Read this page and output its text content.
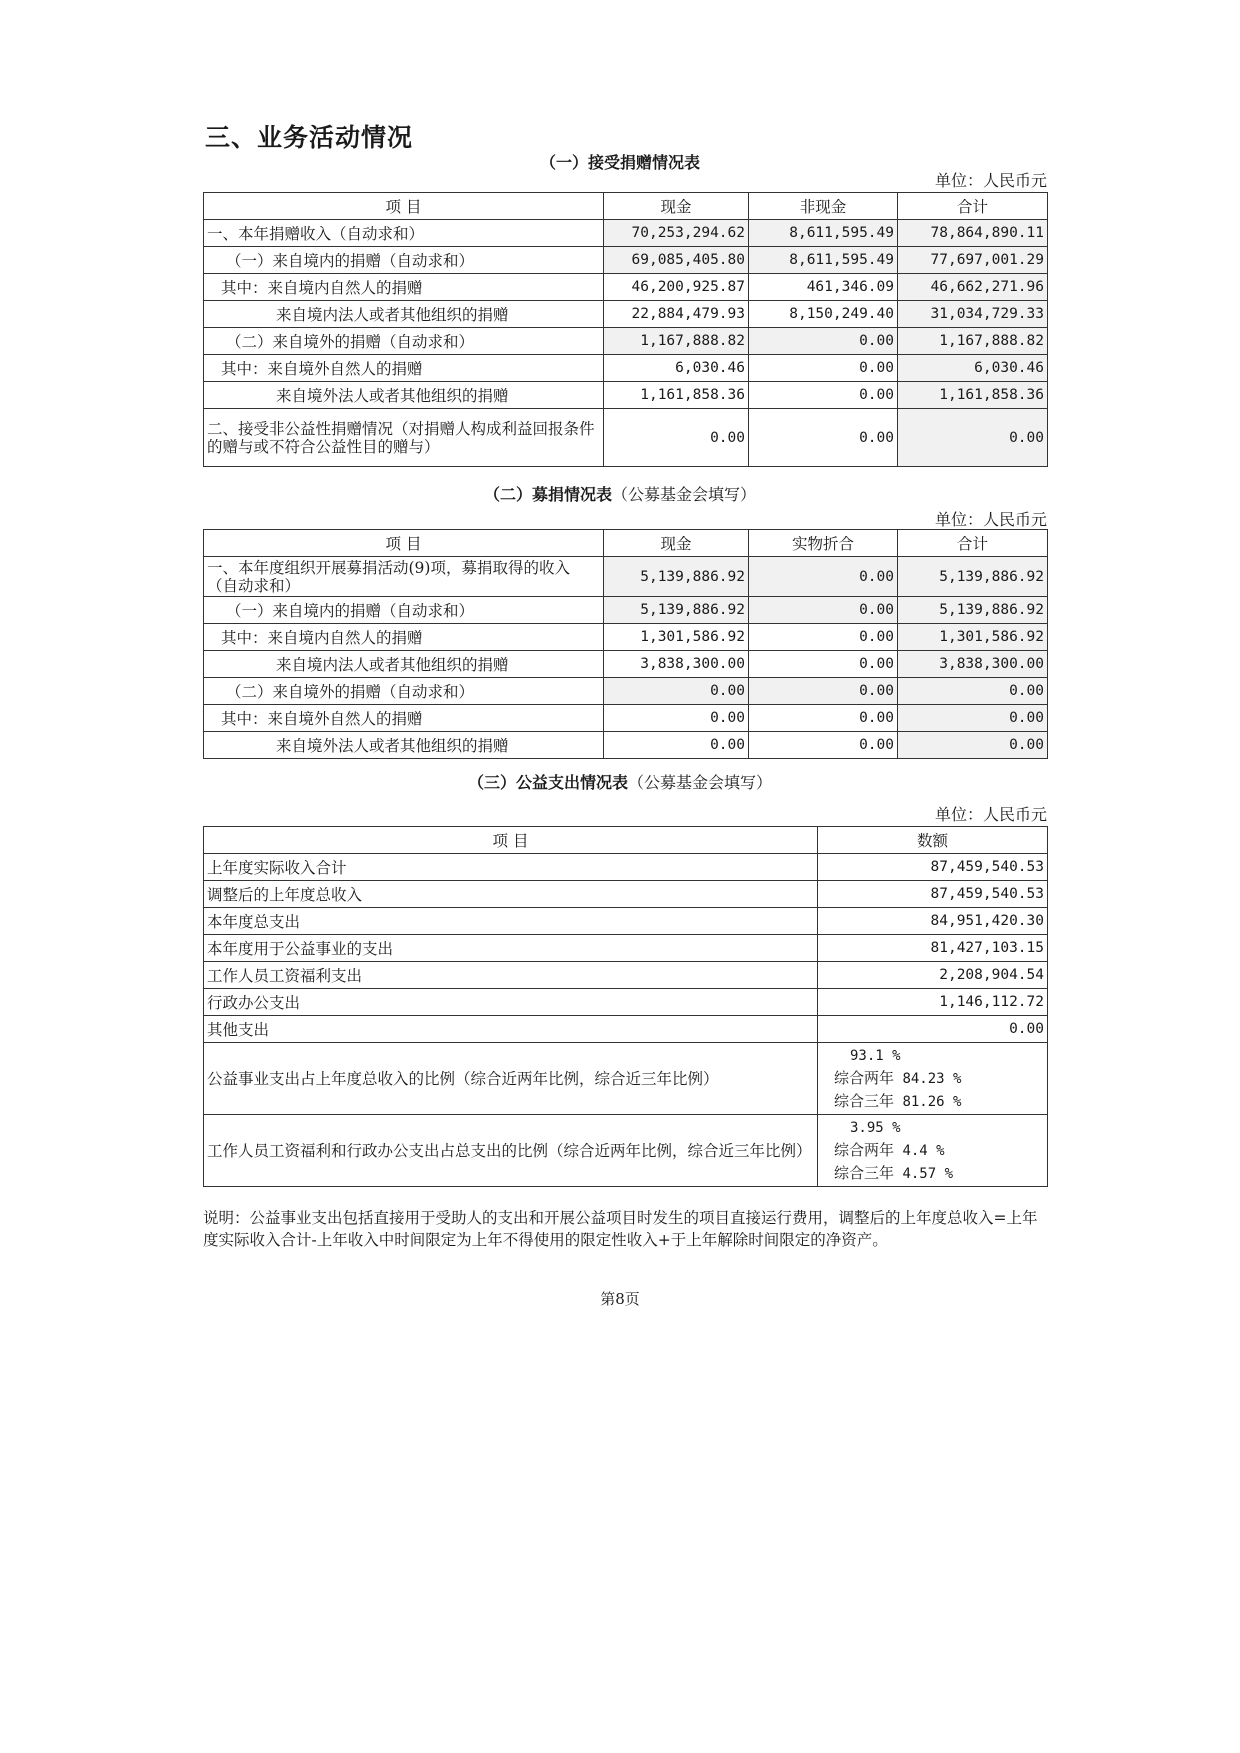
三、业务活动情况
（一）接受捐赠情况表
单位：人民币元
项 目	现金	非现金	合计
一、本年捐赠收入（自动求和）	70,253,294.62	8,611,595.49	78,864,890.11
（一）来自境内的捐赠（自动求和）	69,085,405.80	8,611,595.49	77,697,001.29
其中：来自境内自然人的捐赠	46,200,925.87	461,346.09	46,662,271.96
来自境内法人或者其他组织的捐赠	22,884,479.93	8,150,249.40	31,034,729.33
（二）来自境外的捐赠（自动求和）	1,167,888.82	0.00	1,167,888.82
其中：来自境外自然人的捐赠	6,030.46	0.00	6,030.46
来自境外法人或者其他组织的捐赠	1,161,858.36	0.00	1,161,858.36
二、接受非公益性捐赠情况（对捐赠人构成利益回报条件的赠与或不符合公益性目的赠与）	0.00	0.00	0.00
（二）募捐情况表（公募基金会填写）
单位：人民币元
项 目	现金	实物折合	合计
一、本年度组织开展募捐活动(9)项，募捐取得的收入（自动求和）	5,139,886.92	0.00	5,139,886.92
（一）来自境内的捐赠（自动求和）	5,139,886.92	0.00	5,139,886.92
其中：来自境内自然人的捐赠	1,301,586.92	0.00	1,301,586.92
来自境内法人或者其他组织的捐赠	3,838,300.00	0.00	3,838,300.00
（二）来自境外的捐赠（自动求和）	0.00	0.00	0.00
其中：来自境外自然人的捐赠	0.00	0.00	0.00
来自境外法人或者其他组织的捐赠	0.00	0.00	0.00
（三）公益支出情况表（公募基金会填写）
单位：人民币元
项 目	数额
上年度实际收入合计	87,459,540.53
调整后的上年度总收入	87,459,540.53
本年度总支出	84,951,420.30
本年度用于公益事业的支出	81,427,103.15
工作人员工资福利支出	2,208,904.54
行政办公支出	1,146,112.72
其他支出	0.00
公益事业支出占上年度总收入的比例（综合近两年比例，综合近三年比例）	93.1 %
综合两年 84.23 %
综合三年 81.26 %

工作人员工资福利和行政办公支出占总支出的比例（综合近两年比例，综合近三年比例）	3.95 %
综合两年 4.4 %
综合三年 4.57 %
说明：公益事业支出包括直接用于受助人的支出和开展公益项目时发生的项目直接运行费用，调整后的上年度总收入=上年度实际收入合计-上年收入中时间限定为上年不得使用的限定性收入+于上年解除时间限定的净资产。
第8页
